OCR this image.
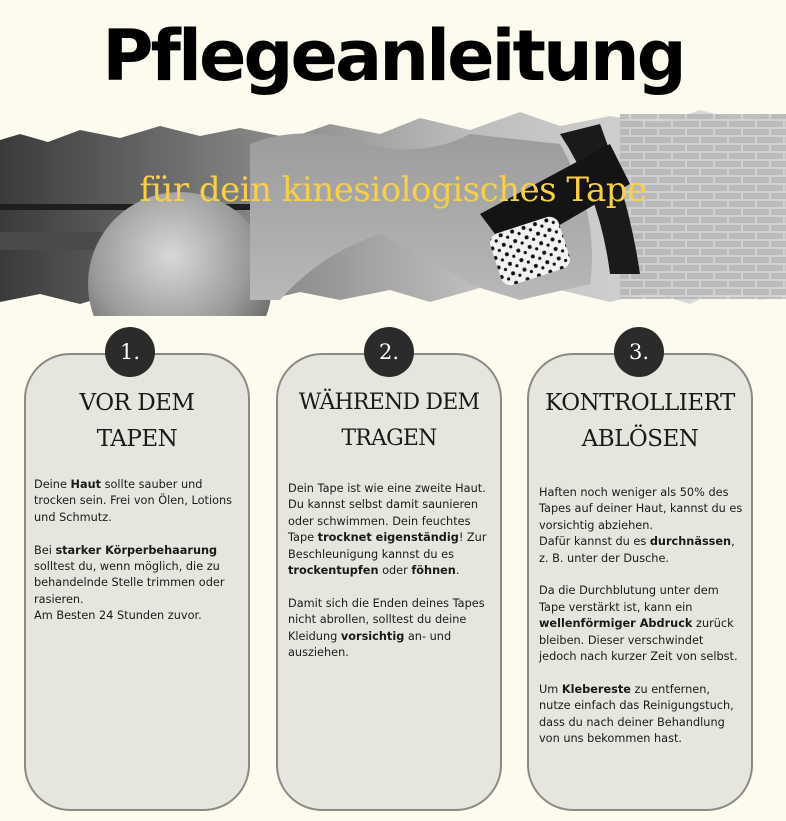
Pflegeanleitung
für dein kinesiologisches Tape
1.
VOR DEM
TAPEN

Deine Haut sollte sauber und trocken sein. Frei von Ölen, Lotions und Schmutz.

Bei starker Körperbehaarung solltest du, wenn möglich, die zu behandelnde Stelle trimmen oder rasieren.
Am Besten 24 Stunden zuvor.

2.
WÄHREND DEM
TRAGEN

Dein Tape ist wie eine zweite Haut. Du kannst selbst damit saunieren oder schwimmen. Dein feuchtes Tape trocknet eigenständig! Zur Beschleunigung kannst du es trockentupfen oder föhnen.

Damit sich die Enden deines Tapes nicht abrollen, solltest du deine Kleidung vorsichtig an- und ausziehen.

3.
KONTROLLIERT
ABLÖSEN

Haften noch weniger als 50% des Tapes auf deiner Haut, kannst du es vorsichtig abziehen.
Dafür kannst du es durchnässen,
z. B. unter der Dusche.

Da die Durchblutung unter dem Tape verstärkt ist, kann ein wellenförmiger Abdruck zurück bleiben. Dieser verschwindet jedoch nach kurzer Zeit von selbst.

Um Klebereste zu entfernen, nutze einfach das Reinigungstuch, dass du nach deiner Behandlung von uns bekommen hast.
